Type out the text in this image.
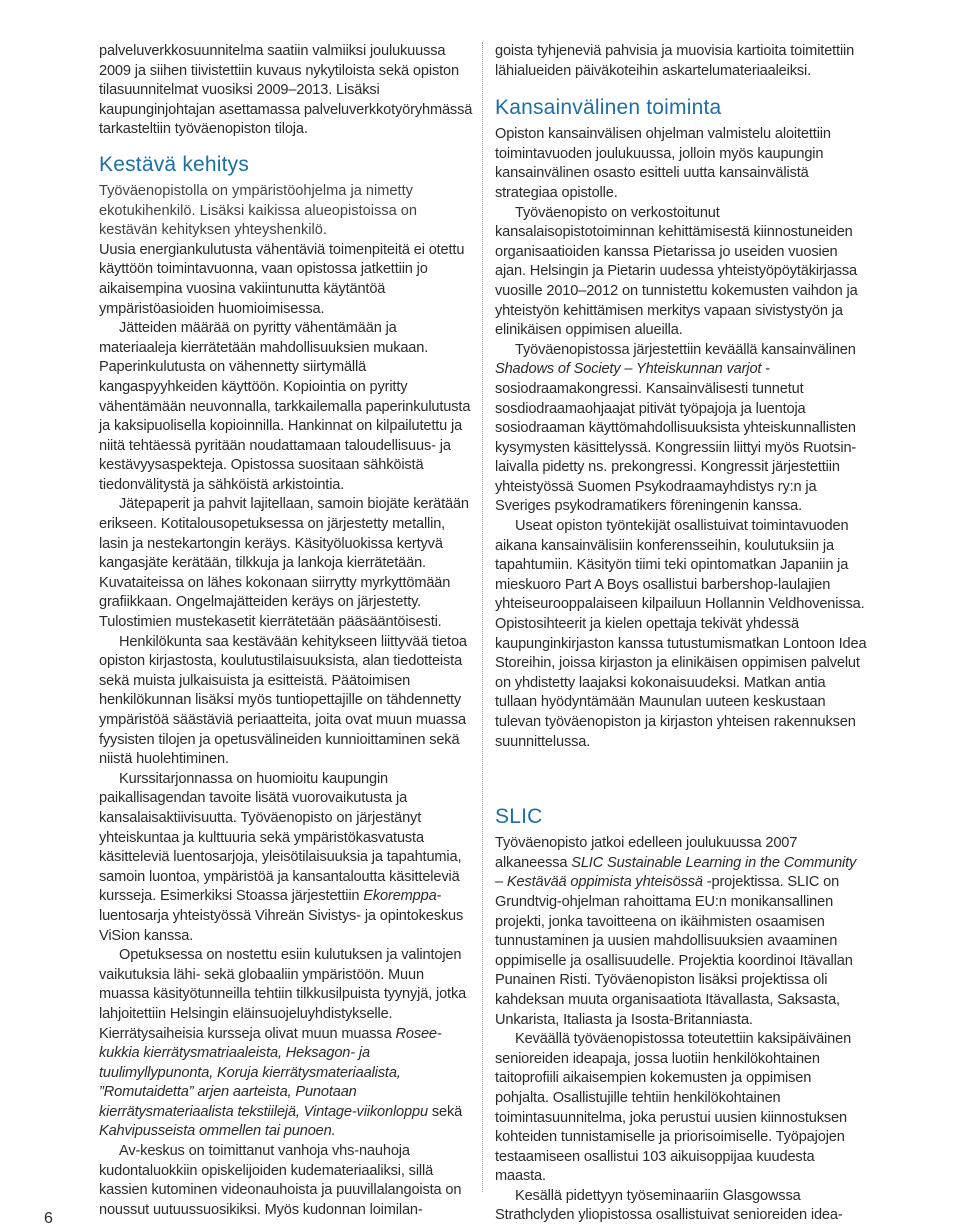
palveluverkkosuunnitelma saatiin valmiiksi joulukuussa 2009 ja siihen tiivistettiin kuvaus nykytiloista sekä opiston tilasuunnitelmat vuosiksi 2009–2013. Lisäksi kaupunginjohtajan asettamassa palveluverkkotyöryhmässä tarkasteltiin työväenopiston tiloja.

Kestävä kehitys

Työväenopistolla on ympäristöohjelma ja nimetty ekotukihenkilö. Lisäksi kaikissa alueopistoissa on kestävän kehityksen yhteyshenkilö.

Uusia energiankulutusta vähentäviä toimenpiteitä ei otettu käyttöön toimintavuonna, vaan opistossa jatkettiin jo aikaisempina vuosina vakiintunutta käytäntöä ympäristöasioiden huomioimisessa.

Jätteiden määrää on pyritty vähentämään ja materiaaleja kierrätetään mahdollisuuksien mukaan. Paperinkulutusta on vähennetty siirtymällä kangaspyyhkeiden käyttöön. Kopiointia on pyritty vähentämään neuvonnalla, tarkkailemalla paperinkulutusta ja kaksipuolisella kopioinnilla. Hankinnat on kilpailutettu ja niitä tehtäessä pyritään noudattamaan taloudellisuus- ja kestävyysaspekteja. Opistossa suositaan sähköistä tiedonvälitystä ja sähköistä arkistointia.

Jätepaperit ja pahvit lajitellaan, samoin biojäte kerätään erikseen. Kotitalousopetuksessa on järjestetty metallin, lasin ja nestekartongin keräys. Käsityöluokissa kertyvä kangasjäte kerätään, tilkkuja ja lankoja kierrätetään. Kuvataiteissa on lähes kokonaan siirrytty myrkyttömään grafiikkaan. Ongelmajätteiden keräys on järjestetty. Tulostimien mustekasetit kierrätetään pääsääntöisesti.

Henkilökunta saa kestävään kehitykseen liittyvää tietoa opiston kirjastosta, koulutustilaisuuksista, alan tiedotteista sekä muista julkaisuista ja esitteistä. Päätoimisen henkilökunnan lisäksi myös tuntiopettajille on tähdennetty ympäristöä säästäviä periaatteita, joita ovat muun muassa fyysisten tilojen ja opetusvälineiden kunnioittaminen sekä niistä huolehtiminen.

Kurssitarjonnassa on huomioitu kaupungin paikallisagendan tavoite lisätä vuorovaikutusta ja kansalaisaktiivisuutta. Työväenopisto on järjestänyt yhteiskuntaa ja kulttuuria sekä ympäristökasvatusta käsitteleviä luentosarjoja, yleisötilaisuuksia ja tapahtumia, samoin luontoa, ympäristöä ja kansantaloutta käsitteleviä kursseja. Esimerkiksi Stoassa järjestettiin Ekoremppa-luentosarja yhteistyössä Vihreän Sivistys- ja opintokeskus ViSion kanssa.

Opetuksessa on nostettu esiin kulutuksen ja valintojen vaikutuksia lähi- sekä globaaliin ympäristöön. Muun muassa käsityötunneilla tehtiin tilkkusilpuista tyynyjä, jotka lahjoitettiin Helsingin eläinsuojeluyhdistykselle.

Kierrätysaiheisia kursseja olivat muun muassa Rosee-kukkia kierrätysmatriaaleista, Heksagon- ja tuulimyllypunonta, Koruja kierrätysmateriaalista, ”Romutaidetta” arjen aarteista, Punotaan kierrätysmateriaalista tekstiilejä, Vintage-viikonloppu sekä Kahvipusseista ommellen tai punoen.

Av-keskus on toimittanut vanhoja vhs-nauhoja kudontaluokkiin opiskelijoiden kudemateriaaliksi, sillä kassien kutominen videonauhoista ja puuvillalangoista on noussut uutuussuosikiksi. Myös kudonnan loimilan-

goista tyhjeneviä pahvisia ja muovisia kartioita toimitettiin lähialueiden päiväkoteihin askartelumateriaaleiksi.

Kansainvälinen toiminta

Opiston kansainvälisen ohjelman valmistelu aloitettiin toimintavuoden joulukuussa, jolloin myös kaupungin kansainvälinen osasto esitteli uutta kansainvälistä strategiaa opistolle.

Työväenopisto on verkostoitunut kansalaisopistotoiminnan kehittämisestä kiinnostuneiden organisaatioiden kanssa Pietarissa jo useiden vuosien ajan. Helsingin ja Pietarin uudessa yhteistyöpöytäkirjassa vuosille 2010–2012 on tunnistettu kokemusten vaihdon ja yhteistyön kehittämisen merkitys vapaan sivistystyön ja elinikäisen oppimisen alueilla.

Työväenopistossa järjestettiin keväällä kansainvälinen Shadows of Society – Yhteiskunnan varjot -sosiodraamakongressi. Kansainvälisesti tunnetut sosdiodraamaohjaajat pitivät työpajoja ja luentoja sosiodraaman käyttömahdollisuuksista yhteiskunnallisten kysymysten käsittelyssä. Kongressiin liittyi myös Ruotsin-laivalla pidetty ns. prekongressi. Kongressit järjestettiin yhteistyössä Suomen Psykodraamayhdistys ry:n ja Sveriges psykodramatikers föreningenin kanssa.

Useat opiston työntekijät osallistuivat toimintavuoden aikana kansainvälisiin konferensseihin, koulutuksiin ja tapahtumiin. Käsityön tiimi teki opintomatkan Japaniin ja mieskuoro Part A Boys osallistui barbershop-laulajien yhteiseurooppalaiseen kilpailuun Hollannin Veldhovenissa. Opistosihteerit ja kielen opettaja tekivät yhdessä kaupunginkirjaston kanssa tutustumismatkan Lontoon Idea Storeihin, joissa kirjaston ja elinikäisen oppimisen palvelut on yhdistetty laajaksi kokonaisuudeksi. Matkan antia tullaan hyödyntämään Maunulan uuteen keskustaan tulevan työväenopiston ja kirjaston yhteisen rakennuksen suunnittelussa.

SLIC

Työväenopisto jatkoi edelleen joulukuussa 2007 alkaneessa SLIC Sustainable Learning in the Community – Kestävää oppimista yhteisössä -projektissa. SLIC on Grundtvig-ohjelman rahoittama EU:n monikansallinen projekti, jonka tavoitteena on ikäihmisten osaamisen tunnustaminen ja uusien mahdollisuuksien avaaminen oppimiselle ja osallisuudelle. Projektia koordinoi Itävallan Punainen Risti. Työväenopiston lisäksi projektissa oli kahdeksan muuta organisaatiota Itävallasta, Saksasta, Unkarista, Italiasta ja Isosta-Britanniasta.

Keväällä työväenopistossa toteutettiin kaksipäiväinen senioreiden ideapaja, jossa luotiin henkilökohtainen taitoprofiili aikaisempien kokemusten ja oppimisen pohjalta. Osallistujille tehtiin henkilökohtainen toimintasuunnitelma, joka perustui uusien kiinnostuksen kohteiden tunnistamiselle ja priorisoimiselle. Työpajojen testaamiseen osallistui 103 aikuisoppijaa kuudesta maasta.

Kesällä pidettyyn työseminaariin Glasgowssa Strathclyden yliopistossa osallistuivat senioreiden idea-

6
